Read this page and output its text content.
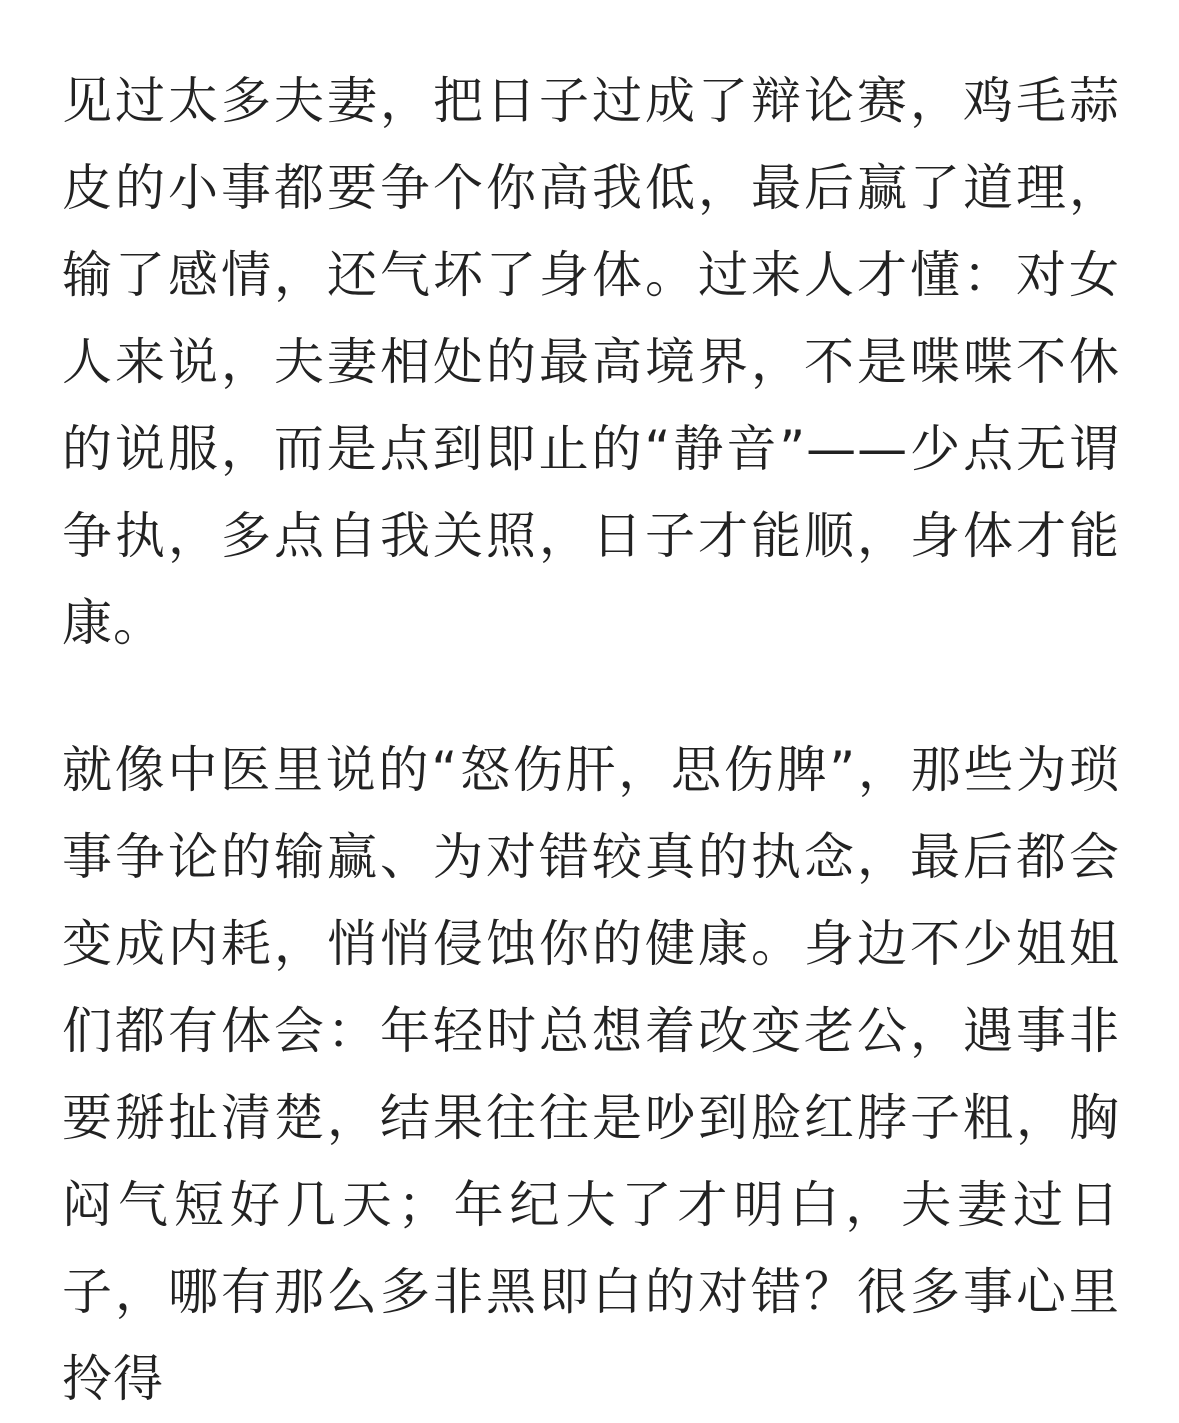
见过太多夫妻，把日子过成了辩论赛，鸡毛蒜皮的小事都要争个你高我低，最后赢了道理，输了感情，还气坏了身体。过来人才懂：对女人来说，夫妻相处的最高境界，不是喋喋不休的说服，而是点到即止的“静音”——少点无谓争执，多点自我关照，日子才能顺，身体才能康。

就像中医里说的“怒伤肝，思伤脾”，那些为琐事争论的输赢、为对错较真的执念，最后都会变成内耗，悄悄侵蚀你的健康。身边不少姐姐们都有体会：年轻时总想着改变老公，遇事非要掰扯清楚，结果往往是吵到脸红脖子粗，胸闷气短好几天；年纪大了才明白，夫妻过日子，哪有那么多非黑即白的对错？很多事心里拎得
